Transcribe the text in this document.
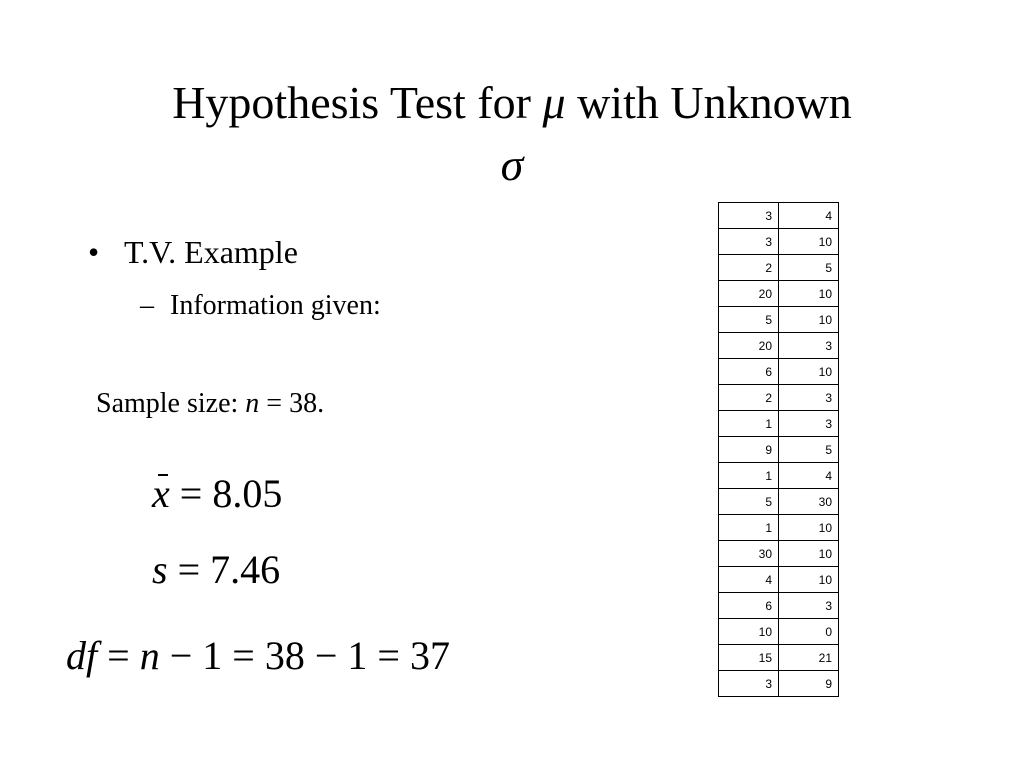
Hypothesis Test for μ with Unknown
σ
• T.V. Example
– Information given:
Sample size: n = 38.
x = 8.05
s = 7.46
df = n − 1 = 38 − 1 = 37
3	4
3	10
2	5
20	10
5	10
20	3
6	10
2	3
1	3
9	5
1	4
5	30
1	10
30	10
4	10
6	3
10	0
15	21
3	9
